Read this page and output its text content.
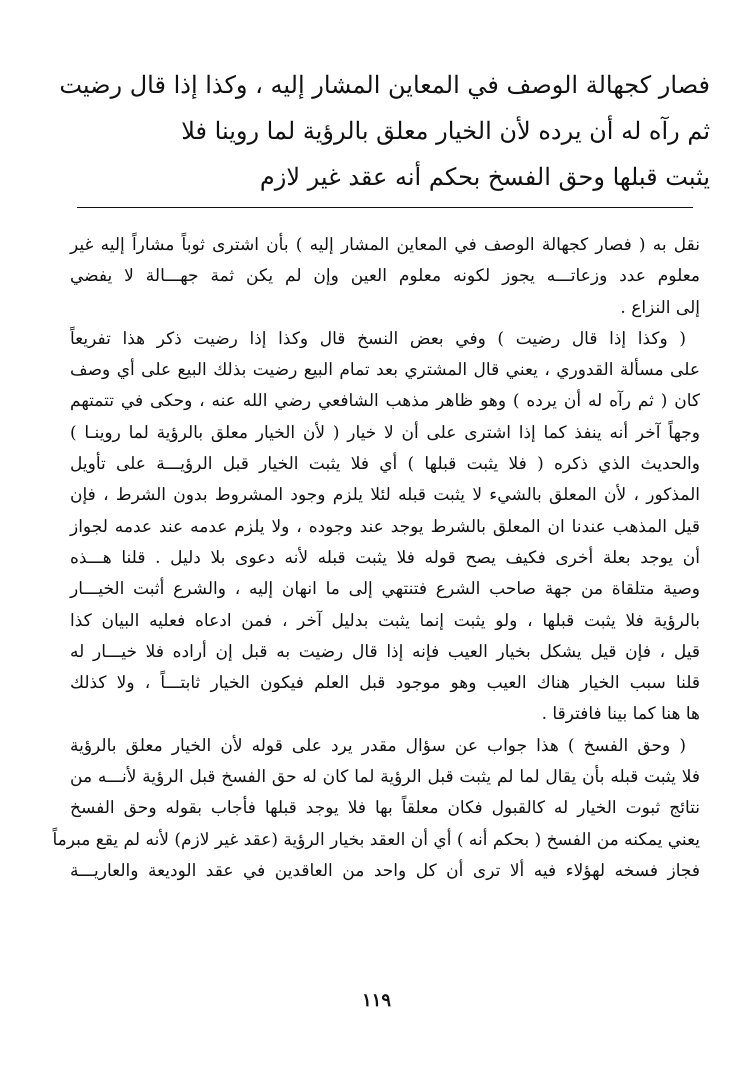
فصار كجهالة الوصف في المعاين المشار إليه ، وكذا إذا قال رضيت

ثم رآه له أن يرده لأن الخيار معلق بالرؤية لما روينا فلا

يثبت قبلها وحق الفسخ بحكم أنه عقد غير لازم

نقل به ( فصار كجهالة الوصف في المعاين المشار إليه ) بأن اشترى ثوباً مشاراً إليه غير
معلوم عدد وزعاتـــه يجوز لكونه معلوم العين وإن لم يكن ثمة جهـــالة لا يفضي
إلى النزاع .

( وكذا إذا قال رضيت ) وفي بعض النسخ قال وكذا إذا رضيت ذكر هذا تفريعاً
على مسألة القدوري ، يعني قال المشتري بعد تمام البيع رضيت بذلك البيع على أي وصف
كان ( ثم رآه له أن يرده ) وهو ظاهر مذهب الشافعي رضي الله عنه ، وحكى في تتمتهم
وجهاً آخر أنه ينفذ كما إذا اشترى على أن لا خيار ( لأن الخيار معلق بالرؤية لما روينـا )
والحديث الذي ذكره ( فلا يثبت قبلها ) أي فلا يثبت الخيار قبل الرؤيـــة على تأويل
المذكور ، لأن المعلق بالشيء لا يثبت قبله لئلا يلزم وجود المشروط بدون الشرط ، فإن
قيل المذهب عندنا ان المعلق بالشرط يوجد عند وجوده ، ولا يلزم عدمه عند عدمه لجواز
أن يوجد بعلة أخرى فكيف يصح قوله فلا يثبت قبله لأنه دعوى بلا دليل . قلنا هـــذه
وصية متلقاة من جهة صاحب الشرع فتنتهي إلى ما انهان إليه ، والشرع أثبت الخيـــار
بالرؤية فلا يثبت قبلها ، ولو يثبت إنما يثبت بدليل آخر ، فمن ادعاه فعليه البيان كذا
قيل ، فإن قيل يشكل بخيار العيب فإنه إذا قال رضيت به قبل إن أراده فلا خيـــار له
قلنا سبب الخيار هناك العيب وهو موجود قبل العلم فيكون الخيار ثابتـــاً ، ولا كذلك
ها هنا كما بينا فافترقا .

( وحق الفسخ ) هذا جواب عن سؤال مقدر يرد على قوله لأن الخيار معلق بالرؤية
فلا يثبت قبله بأن يقال لما لم يثبت قبل الرؤية لما كان له حق الفسخ قبل الرؤية لأنـــه من
نتائج ثبوت الخيار له كالقبول فكان معلقاً بها فلا يوجد قبلها فأجاب بقوله وحق الفسخ
يعني يمكنه من الفسخ ( بحكم أنه ) أي أن العقد بخيار الرؤية (عقد غير لازم) لأنه لم يقع مبرماً
فجاز فسخه لهؤلاء فيه ألا ترى أن كل واحد من العاقدين في عقد الوديعة والعاريـــة

١١٩
